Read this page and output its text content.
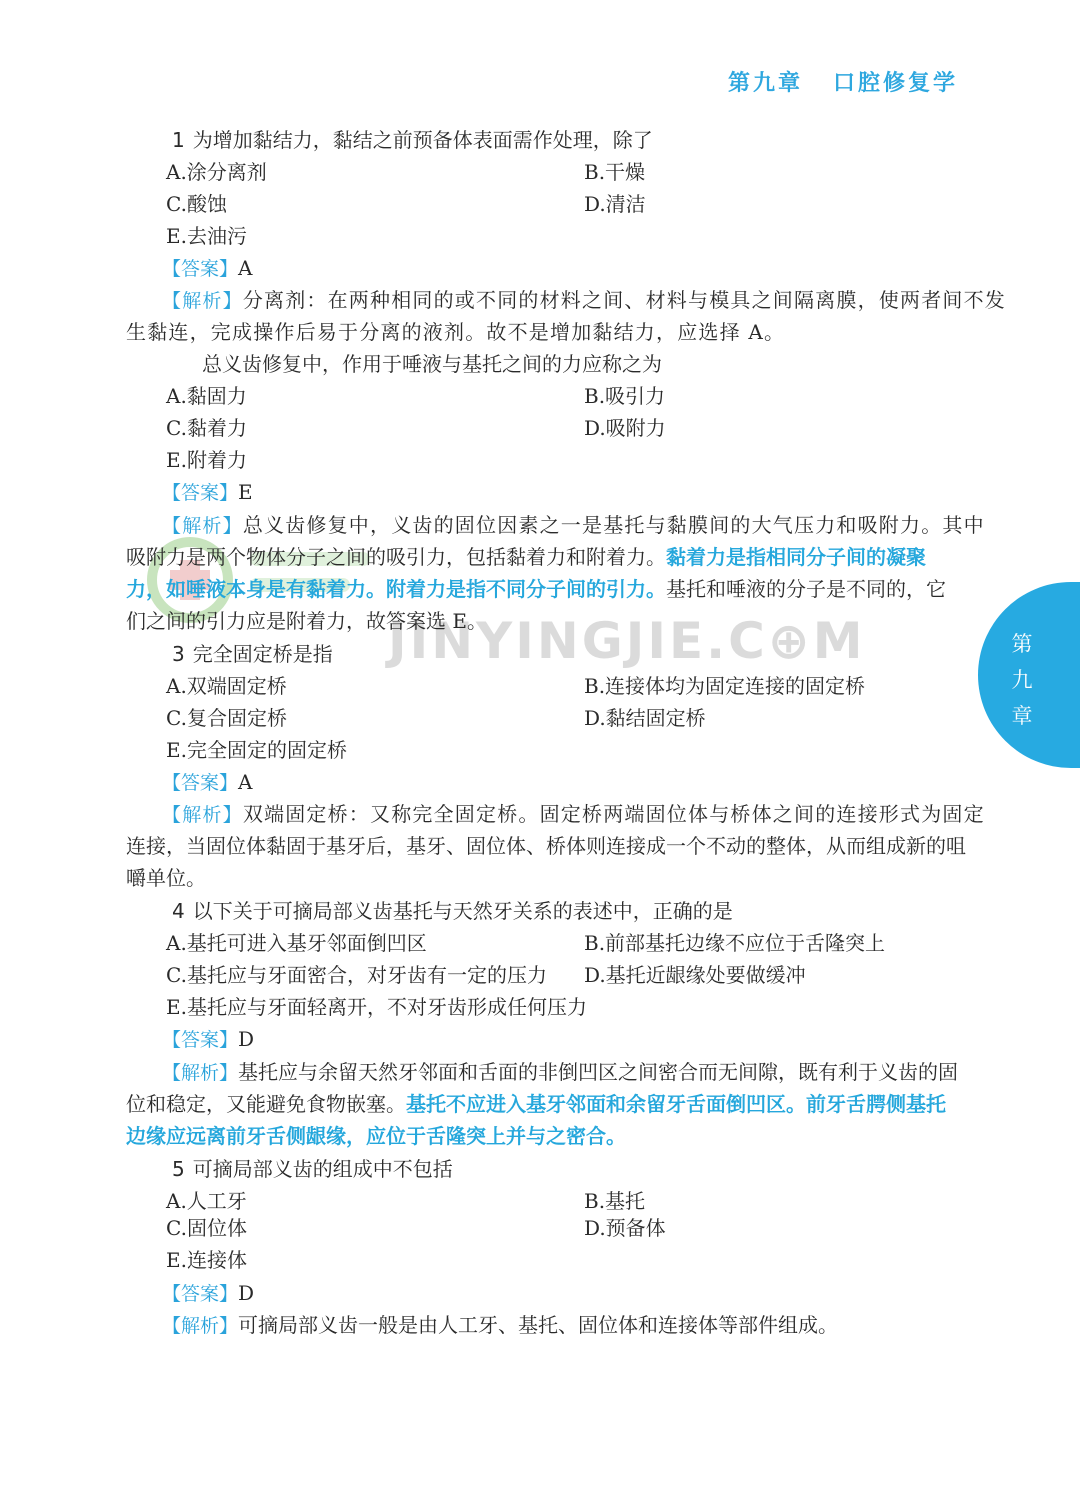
第九章 口腔修复学
第
九
章
JINYINGJIE.C⊕M
1 为增加黏结力，黏结之前预备体表面需作处理，除了
A.涂分离剂	B.干燥
C.酸蚀	D.清洁
E.去油污
【答案】A
【解析】分离剂：在两种相同的或不同的材料之间、材料与模具之间隔离膜，使两者间不发
生黏连，完成操作后易于分离的液剂。故不是增加黏结力，应选择 A。
总义齿修复中，作用于唾液与基托之间的力应称之为
A.黏固力	B.吸引力
C.黏着力	D.吸附力
E.附着力
【答案】E
【解析】总义齿修复中，义齿的固位因素之一是基托与黏膜间的大气压力和吸附力。其中
吸附力是两个物体分子之间的吸引力，包括黏着力和附着力。黏着力是指相同分子间的凝聚
力，如唾液本身是有黏着力。附着力是指不同分子间的引力。基托和唾液的分子是不同的，它
们之间的引力应是附着力，故答案选 E。
3 完全固定桥是指
A.双端固定桥	B.连接体均为固定连接的固定桥
C.复合固定桥	D.黏结固定桥
E.完全固定的固定桥
【答案】A
【解析】双端固定桥：又称完全固定桥。固定桥两端固位体与桥体之间的连接形式为固定
连接，当固位体黏固于基牙后，基牙、固位体、桥体则连接成一个不动的整体，从而组成新的咀
嚼单位。
4 以下关于可摘局部义齿基托与天然牙关系的表述中，正确的是
A.基托可进入基牙邻面倒凹区	B.前部基托边缘不应位于舌隆突上
C.基托应与牙面密合，对牙齿有一定的压力 D.基托近龈缘处要做缓冲
E.基托应与牙面轻离开，不对牙齿形成任何压力
【答案】D
【解析】基托应与余留天然牙邻面和舌面的非倒凹区之间密合而无间隙，既有利于义齿的固
位和稳定，又能避免食物嵌塞。基托不应进入基牙邻面和余留牙舌面倒凹区。前牙舌腭侧基托
边缘应远离前牙舌侧龈缘，应位于舌隆突上并与之密合。
5 可摘局部义齿的组成中不包括
A.人工牙	B.基托
C.固位体	D.预备体
E.连接体
【答案】D
【解析】可摘局部义齿一般是由人工牙、基托、固位体和连接体等部件组成。
